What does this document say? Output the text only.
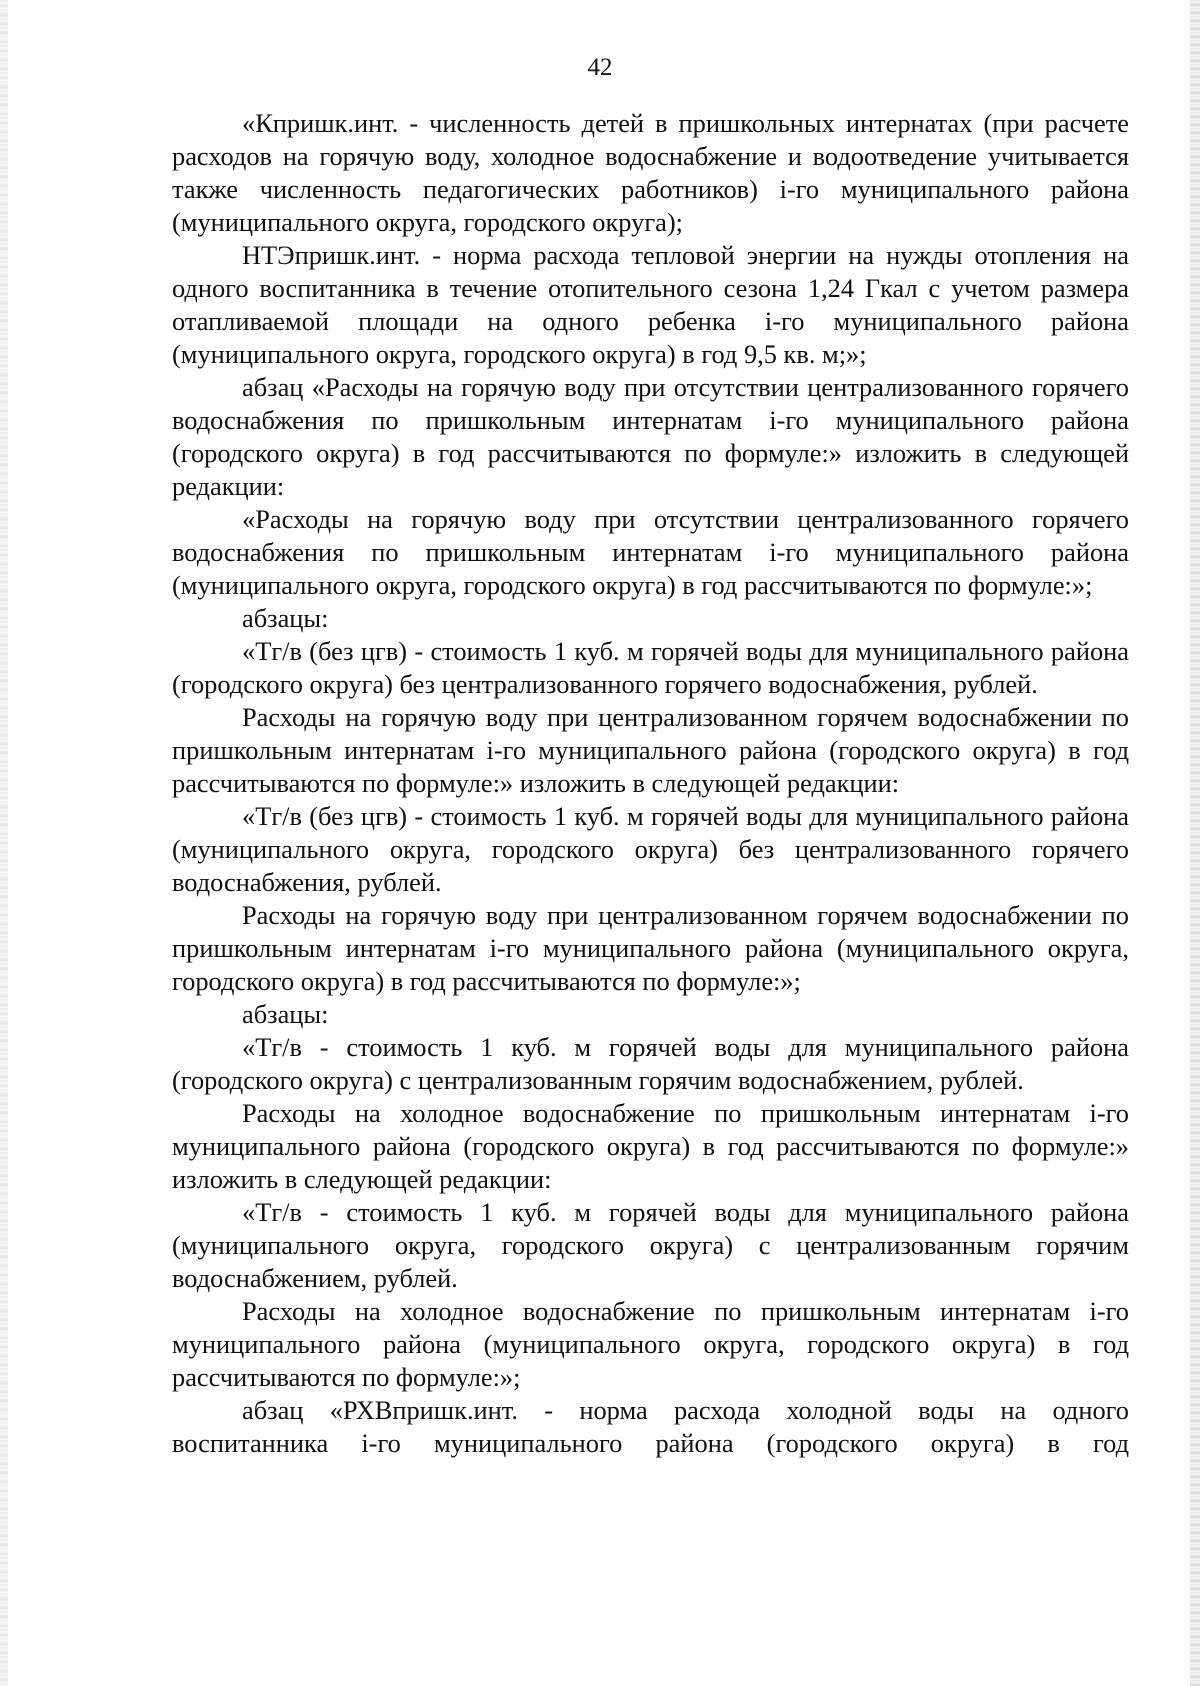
42

«Кпришк.инт. - численность детей в пришкольных интернатах (при расчете расходов на горячую воду, холодное водоснабжение и водоотведение учитывается также численность педагогических работников) i-го муниципального района (муниципального округа, городского округа);

НТЭпришк.инт. - норма расхода тепловой энергии на нужды отопления на одного воспитанника в течение отопительного сезона 1,24 Гкал с учетом размера отапливаемой площади на одного ребенка i-го муниципального района (муниципального округа, городского округа) в год 9,5 кв. м;»;

абзац «Расходы на горячую воду при отсутствии централизованного горячего водоснабжения по пришкольным интернатам i-го муниципального района (городского округа) в год рассчитываются по формуле:» изложить в следующей редакции:

«Расходы на горячую воду при отсутствии централизованного горячего водоснабжения по пришкольным интернатам i-го муниципального района (муниципального округа, городского округа) в год рассчитываются по формуле:»;

абзацы:

«Тг/в (без цгв) - стоимость 1 куб. м горячей воды для муниципального района (городского округа) без централизованного горячего водоснабжения, рублей.

Расходы на горячую воду при централизованном горячем водоснабжении по пришкольным интернатам i-го муниципального района (городского округа) в год рассчитываются по формуле:» изложить в следующей редакции:

«Тг/в (без цгв) - стоимость 1 куб. м горячей воды для муниципального района (муниципального округа, городского округа) без централизованного горячего водоснабжения, рублей.

Расходы на горячую воду при централизованном горячем водоснабжении по пришкольным интернатам i-го муниципального района (муниципального округа, городского округа) в год рассчитываются по формуле:»;

абзацы:

«Тг/в - стоимость 1 куб. м горячей воды для муниципального района (городского округа) с централизованным горячим водоснабжением, рублей.

Расходы на холодное водоснабжение по пришкольным интернатам i-го муниципального района (городского округа) в год рассчитываются по формуле:» изложить в следующей редакции:

«Тг/в - стоимость 1 куб. м горячей воды для муниципального района (муниципального округа, городского округа) с централизованным горячим водоснабжением, рублей.

Расходы на холодное водоснабжение по пришкольным интернатам i-го муниципального района (муниципального округа, городского округа) в год рассчитываются по формуле:»;

абзац «РХВпришк.инт. - норма расхода холодной воды на одного воспитанника i-го муниципального района (городского округа) в год
